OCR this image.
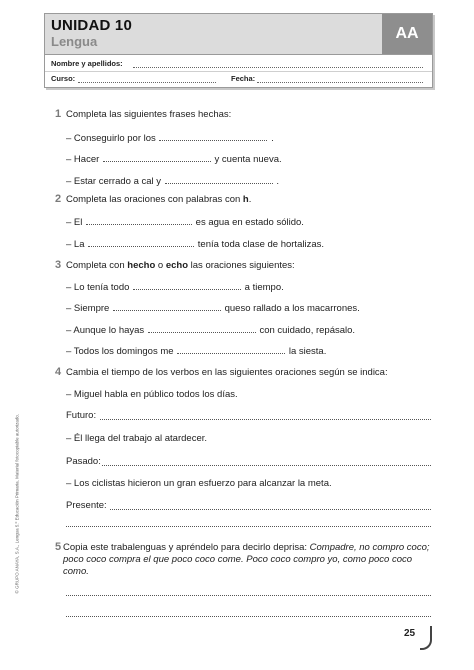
UNIDAD 10
Lengua	AA
Nombre y apellidos:
Curso:	Fecha:
© GRUPO ANAYA, S.A., Lengua 5.º Educación Primaria. Material fotocopiable autorizado.
1 Completa las siguientes frases hechas:
– Conseguirlo por los	.
– Hacer	y cuenta nueva.
– Estar cerrado a cal y	.
2 Completa las oraciones con palabras con h.
– El	es agua en estado sólido.
– La	tenía toda clase de hortalizas.
3 Completa con hecho o echo las oraciones siguientes:
– Lo tenía todo	a tiempo.
– Siempre	queso rallado a los macarrones.
– Aunque lo hayas	con cuidado, repásalo.
– Todos los domingos me	la siesta.
4 Cambia el tiempo de los verbos en las siguientes oraciones según se indica:
– Miguel habla en público todos los días.
Futuro:
– Él llega del trabajo al atardecer.
Pasado:
– Los ciclistas hicieron un gran esfuerzo para alcanzar la meta.
Presente:
5 Copia este trabalenguas y apréndelo para decirlo deprisa: Compadre, no compro coco; poco coco compra el que poco coco come. Poco coco compro yo, como poco coco como.
25
